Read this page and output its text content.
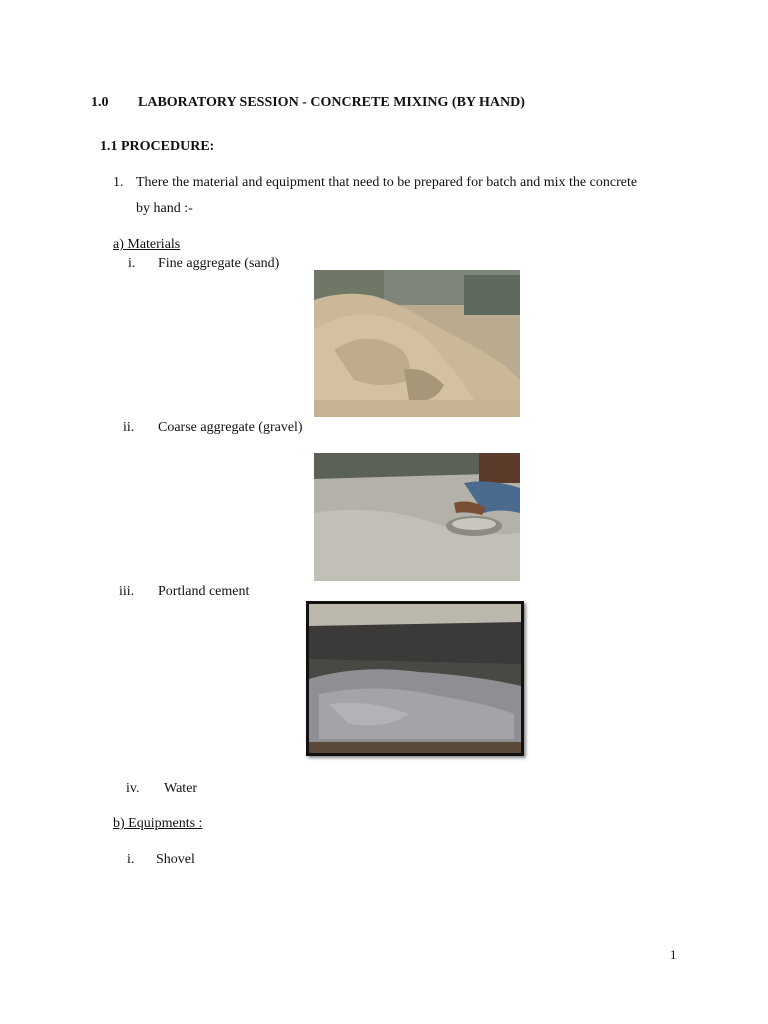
1.0 LABORATORY SESSION - CONCRETE MIXING (BY HAND)
1.1 PROCEDURE:
1. There the material and equipment that need to be prepared for batch and mix the concrete
by hand :-
a) Materials
i. Fine aggregate (sand)
ii. Coarse aggregate (gravel)
iii. Portland cement
iv. Water
b) Equipments :
i. Shovel
1
